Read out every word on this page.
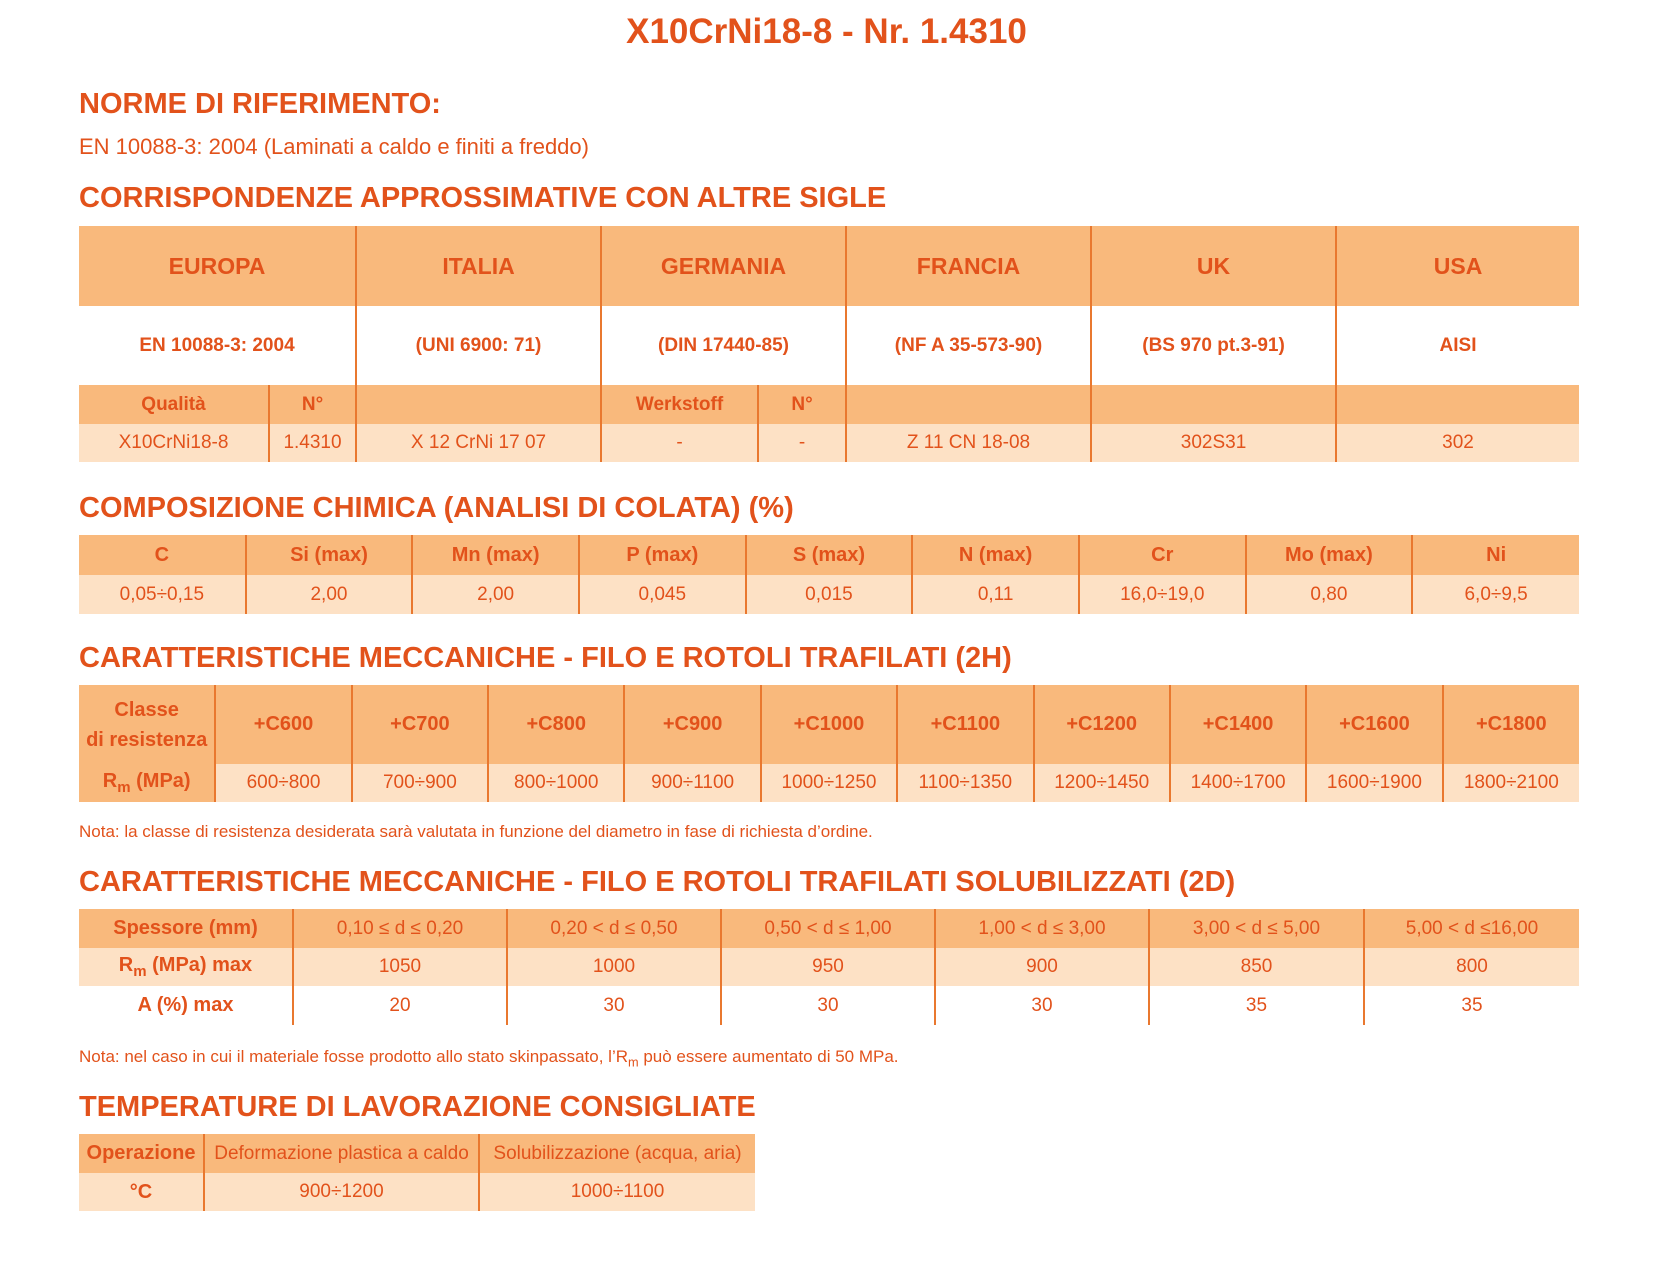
X10CrNi18-8 - Nr. 1.4310
NORME DI RIFERIMENTO:
EN 10088-3: 2004 (Laminati a caldo e finiti a freddo)
CORRISPONDENZE APPROSSIMATIVE CON ALTRE SIGLE
EUROPA		ITALIA	GERMANIA		FRANCIA	UK	USA
EN 10088-3: 2004		(UNI 6900: 71)	(DIN 17440-85)		(NF A 35-573-90)	(BS 970 pt.3-91)	AISI
Qualità	N°		Werkstoff	N°			
X10CrNi18-8	1.4310	X 12 CrNi 17 07	-	-	Z 11 CN 18-08	302S31	302
COMPOSIZIONE CHIMICA (ANALISI DI COLATA) (%)
C	Si (max)	Mn (max)	P (max)	S (max)	N (max)	Cr	Mo (max)	Ni
0,05÷0,15	2,00	2,00	0,045	0,015	0,11	16,0÷19,0	0,80	6,0÷9,5
CARATTERISTICHE MECCANICHE - FILO E ROTOLI TRAFILATI (2H)
Classe
di resistenza	+C600	+C700	+C800	+C900	+C1000	+C1100	+C1200	+C1400	+C1600	+C1800
$R_m$ (MPa)	600÷800	700÷900	800÷1000	900÷1100	1000÷1250	1100÷1350	1200÷1450	1400÷1700	1600÷1900	1800÷2100
Nota: la classe di resistenza desiderata sarà valutata in funzione del diametro in fase di richiesta d’ordine.
CARATTERISTICHE MECCANICHE - FILO E ROTOLI TRAFILATI SOLUBILIZZATI (2D)
Spessore (mm)	0,10 ≤ d ≤ 0,20	0,20 < d ≤ 0,50	0,50 < d ≤ 1,00	1,00 < d ≤ 3,00	3,00 < d ≤ 5,00	5,00 < d ≤16,00
$R_m$ (MPa) max	1050	1000	950	900	850	800
A (%) max	20	30	30	30	35	35
Nota: nel caso in cui il materiale fosse prodotto allo stato skinpassato, $l’R_m$ può essere aumentato di 50 MPa.
TEMPERATURE DI LAVORAZIONE CONSIGLIATE
Operazione	Deformazione plastica a caldo	Solubilizzazione (acqua, aria)
°C	900÷1200	1000÷1100
